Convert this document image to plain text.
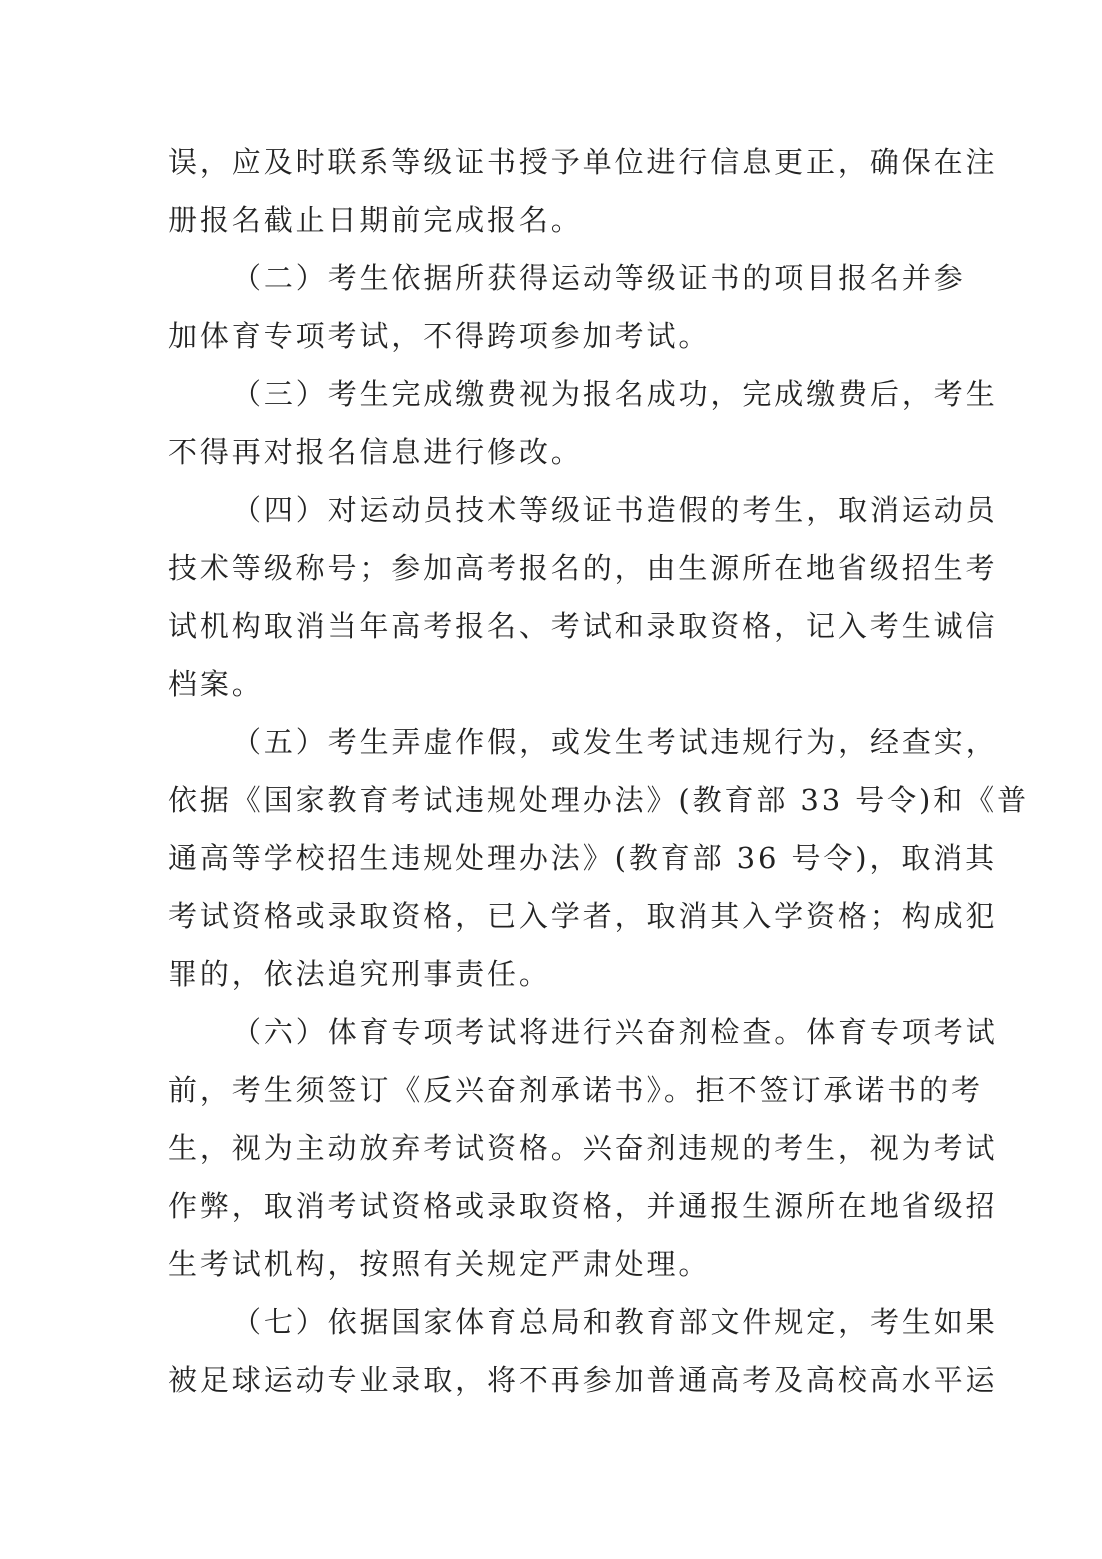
误，应及时联系等级证书授予单位进行信息更正，确保在注
册报名截止日期前完成报名。
（二）考生依据所获得运动等级证书的项目报名并参
加体育专项考试，不得跨项参加考试。
（三）考生完成缴费视为报名成功，完成缴费后，考生
不得再对报名信息进行修改。
（四）对运动员技术等级证书造假的考生，取消运动员
技术等级称号；参加高考报名的，由生源所在地省级招生考
试机构取消当年高考报名、考试和录取资格，记入考生诚信
档案。
（五）考生弄虚作假，或发生考试违规行为，经查实，
依据《国家教育考试违规处理办法》(教育部 33 号令)和《普
通高等学校招生违规处理办法》(教育部 36 号令)，取消其
考试资格或录取资格，已入学者，取消其入学资格；构成犯
罪的，依法追究刑事责任。
（六）体育专项考试将进行兴奋剂检查。体育专项考试
前，考生须签订《反兴奋剂承诺书》。拒不签订承诺书的考
生，视为主动放弃考试资格。兴奋剂违规的考生，视为考试
作弊，取消考试资格或录取资格，并通报生源所在地省级招
生考试机构，按照有关规定严肃处理。
（七）依据国家体育总局和教育部文件规定，考生如果
被足球运动专业录取，将不再参加普通高考及高校高水平运
